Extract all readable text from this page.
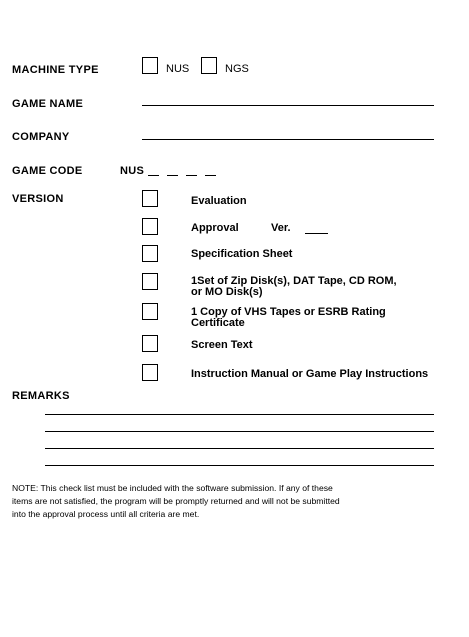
MACHINE TYPE	NUS	NGS
GAME NAME
COMPANY
GAME CODE	NUS
VERSION	Evaluation
Approval	Ver.
Specification Sheet
1Set of Zip Disk(s), DAT Tape, CD ROM,
or MO Disk(s)
1 Copy of VHS Tapes or ESRB Rating
Certificate
Screen Text
Instruction Manual or Game Play Instructions
REMARKS
NOTE: This check list must be included with the software submission. If any of these
items are not satisfied, the program will be promptly returned and will not be submitted
into the approval process until all criteria are met.
